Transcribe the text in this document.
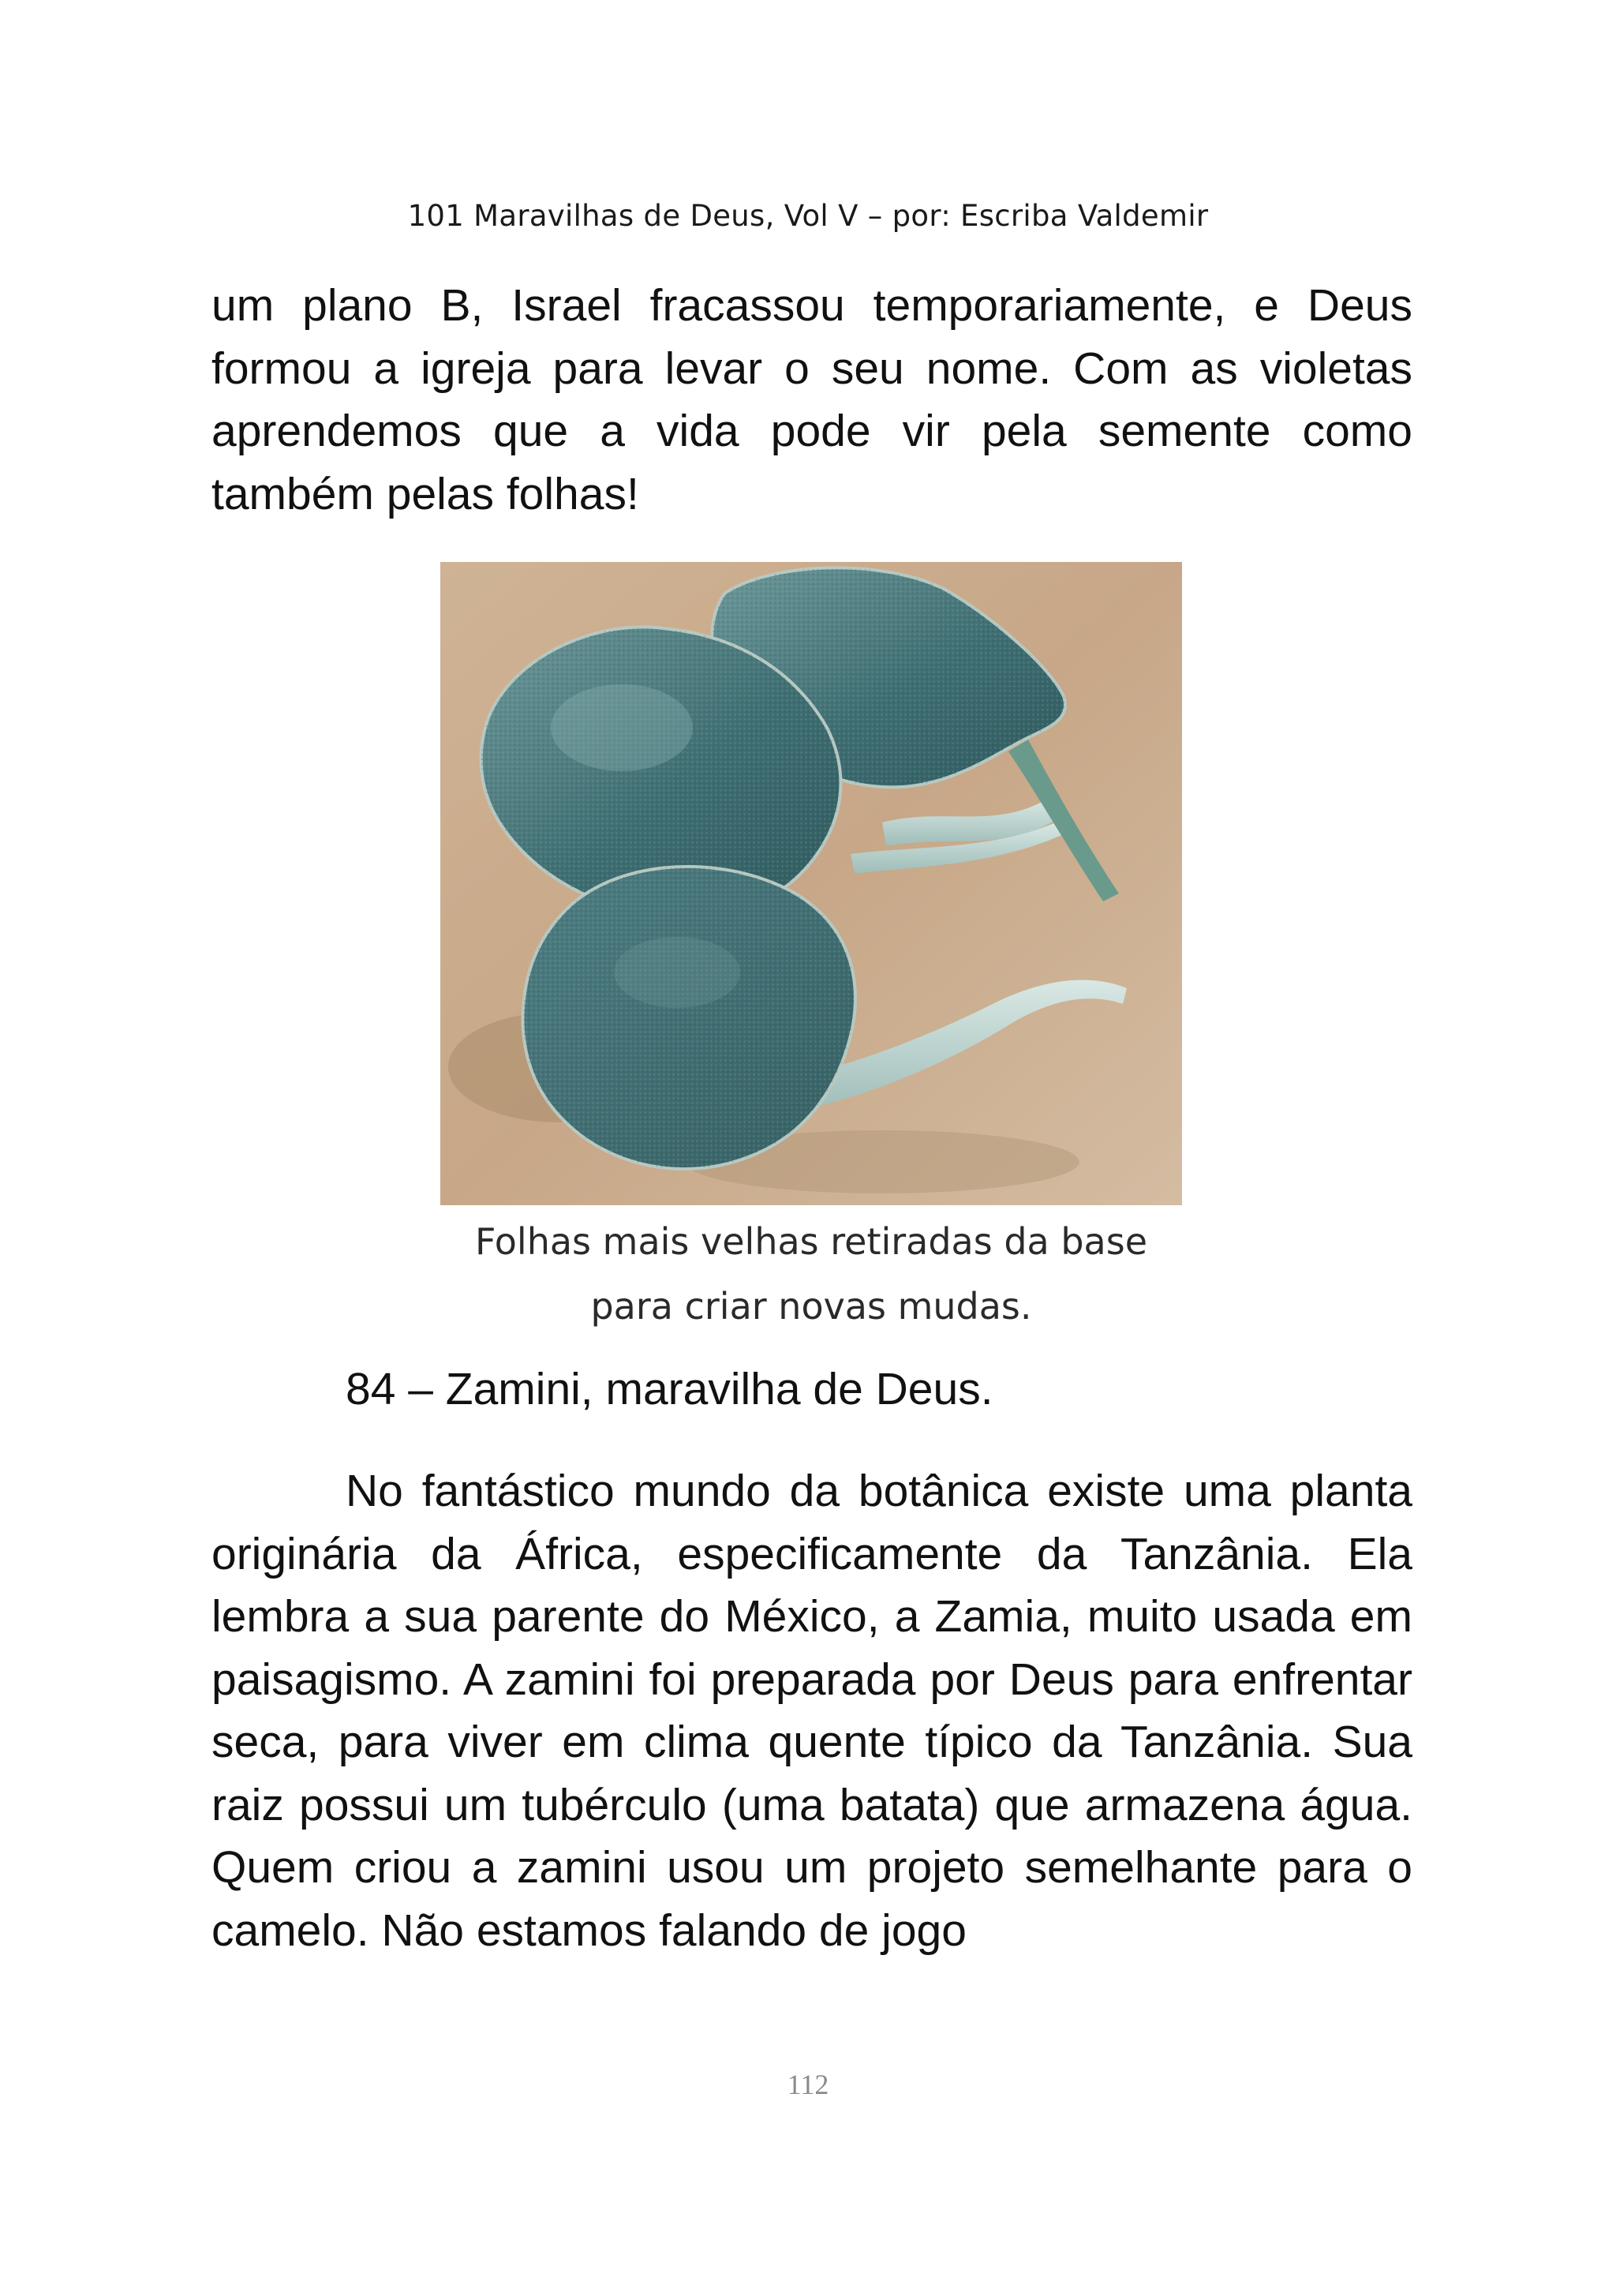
101 Maravilhas de Deus, Vol V – por: Escriba Valdemir

um plano B, Israel fracassou temporariamente, e Deus formou a igreja para levar o seu nome. Com as violetas aprendemos que a vida pode vir pela semente como também pelas folhas!

Folhas mais velhas retiradas da base
para criar novas mudas.
84 – Zamini, maravilha de Deus.

No fantástico mundo da botânica existe uma planta originária da África, especificamente da Tanzânia. Ela lembra a sua parente do México, a Zamia, muito usada em paisagismo. A zamini foi preparada por Deus para enfrentar seca, para viver em clima quente típico da Tanzânia. Sua raiz possui um tubérculo (uma batata) que armazena água. Quem criou a zamini usou um projeto semelhante para o camelo. Não estamos falando de jogo

112
